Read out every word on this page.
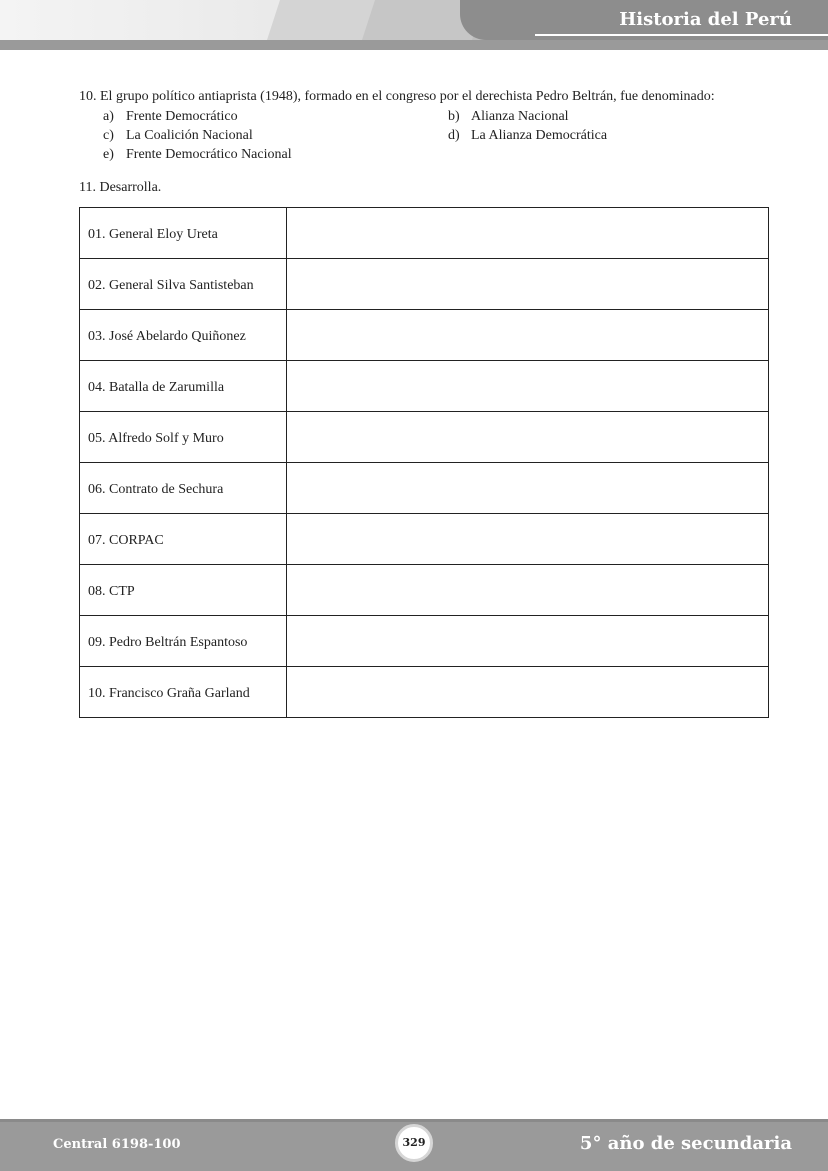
Historia del Perú
10. El grupo político antiaprista (1948), formado en el congreso por el derechista Pedro Beltrán, fue denominado:
a) Frente Democrático	b) Alianza Nacional
c) La Coalición Nacional	d) La Alianza Democrática
e) Frente Democrático Nacional
11. Desarrolla.
01. General Eloy Ureta	
02. General Silva Santisteban	
03. José Abelardo Quiñonez	
04. Batalla de Zarumilla	
05. Alfredo Solf y Muro	
06. Contrato de Sechura	
07. CORPAC	
08. CTP	
09. Pedro Beltrán Espantoso	
10. Francisco Graña Garland	
Central 6198-100	5° año de secundaria
329
